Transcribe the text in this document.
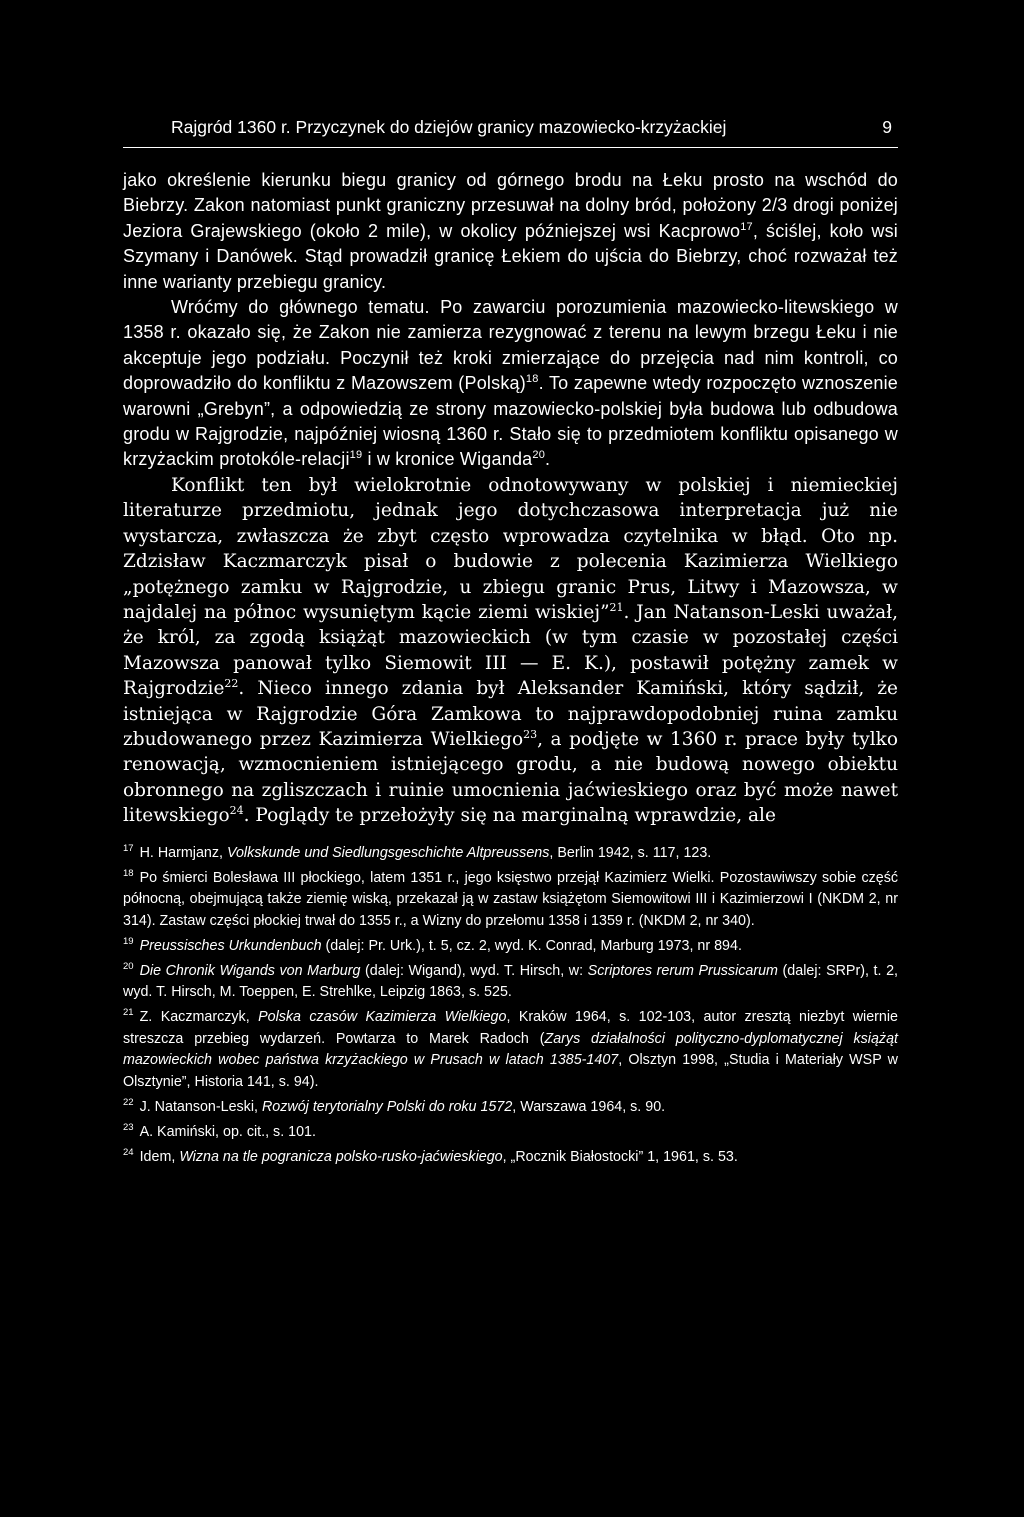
Rajgród 1360 r. Przyczynek do dziejów granicy mazowiecko-krzyżackiej	9

jako określenie kierunku biegu granicy od górnego brodu na Łeku prosto na wschód do Biebrzy. Zakon natomiast punkt graniczny przesuwał na dolny bród, położony 2/3 drogi poniżej Jeziora Grajewskiego (około 2 mile), w okolicy późniejszej wsi Kacprowo$^{17}$, ściślej, koło wsi Szymany i Danówek. Stąd prowadził granicę Łekiem do ujścia do Biebrzy, choć rozważał też inne warianty przebiegu granicy.

Wróćmy do głównego tematu. Po zawarciu porozumienia mazowiecko-litewskiego w 1358 r. okazało się, że Zakon nie zamierza rezygnować z terenu na lewym brzegu Łeku i nie akceptuje jego podziału. Poczynił też kroki zmierzające do przejęcia nad nim kontroli, co doprowadziło do konfliktu z Mazowszem (Polską)$^{18}$. To zapewne wtedy rozpoczęto wznoszenie warowni „Grebyn”, a odpowiedzią ze strony mazowiecko-polskiej była budowa lub odbudowa grodu w Rajgrodzie, najpóźniej wiosną 1360 r. Stało się to przedmiotem konfliktu opisanego w krzyżackim protokóle-relacji$^{19}$ i w kronice Wiganda$^{20}$.

Konflikt ten był wielokrotnie odnotowywany w polskiej i niemieckiej literaturze przedmiotu, jednak jego dotychczasowa interpretacja już nie wystarcza, zwłaszcza że zbyt często wprowadza czytelnika w błąd. Oto np. Zdzisław Kaczmarczyk pisał o budowie z polecenia Kazimierza Wielkiego „potężnego zamku w Rajgrodzie, u zbiegu granic Prus, Litwy i Mazowsza, w najdalej na północ wysuniętym kącie ziemi wiskiej”$^{21}$. Jan Natanson-Leski uważał, że król, za zgodą książąt mazowieckich (w tym czasie w pozostałej części Mazowsza panował tylko Siemowit III — E. K.), postawił potężny zamek w Rajgrodzie$^{22}$. Nieco innego zdania był Aleksander Kamiński, który sądził, że istniejąca w Rajgrodzie Góra Zamkowa to najprawdopodobniej ruina zamku zbudowanego przez Kazimierza Wielkiego$^{23}$, a podjęte w 1360 r. prace były tylko renowacją, wzmocnieniem istniejącego grodu, a nie budową nowego obiektu obronnego na zgliszczach i ruinie umocnienia jaćwieskiego oraz być może nawet litewskiego$^{24}$. Poglądy te przełożyły się na marginalną wprawdzie, ale

$^{17}$ H. Harmjanz, Volkskunde und Siedlungsgeschichte Altpreussens, Berlin 1942, s. 117, 123.

$^{18}$ Po śmierci Bolesława III płockiego, latem 1351 r., jego księstwo przejął Kazimierz Wielki. Pozostawiwszy sobie część północną, obejmującą także ziemię wiską, przekazał ją w zastaw książętom Siemowitowi III i Kazimierzowi I (NKDM 2, nr 314). Zastaw części płockiej trwał do 1355 r., a Wizny do przełomu 1358 i 1359 r. (NKDM 2, nr 340).

$^{19}$ Preussisches Urkundenbuch (dalej: Pr. Urk.), t. 5, cz. 2, wyd. K. Conrad, Marburg 1973, nr 894.

$^{20}$ Die Chronik Wigands von Marburg (dalej: Wigand), wyd. T. Hirsch, w: Scriptores rerum Prussicarum (dalej: SRPr), t. 2, wyd. T. Hirsch, M. Toeppen, E. Strehlke, Leipzig 1863, s. 525.

$^{21}$ Z. Kaczmarczyk, Polska czasów Kazimierza Wielkiego, Kraków 1964, s. 102-103, autor zresztą niezbyt wiernie streszcza przebieg wydarzeń. Powtarza to Marek Radoch (Zarys działalności polityczno-dyplomatycznej książąt mazowieckich wobec państwa krzyżackiego w Prusach w latach 1385-1407, Olsztyn 1998, „Studia i Materiały WSP w Olsztynie”, Historia 141, s. 94).

$^{22}$ J. Natanson-Leski, Rozwój terytorialny Polski do roku 1572, Warszawa 1964, s. 90.

$^{23}$ A. Kamiński, op. cit., s. 101.

$^{24}$ Idem, Wizna na tle pogranicza polsko-rusko-jaćwieskiego, „Rocznik Białostocki” 1, 1961, s. 53.
